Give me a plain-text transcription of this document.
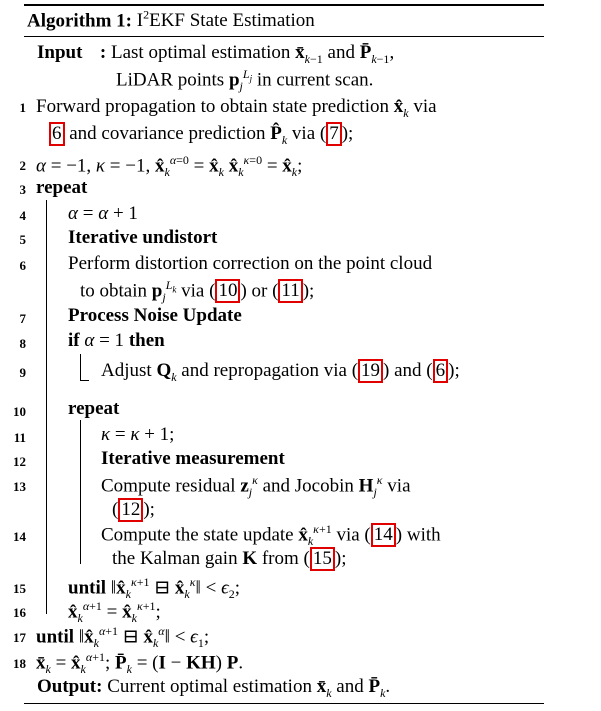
Algorithm 1: $I^2EKF$ State Estimation
Input : Last optimal estimation $x̄_{k-1}$ and $P̄_{k-1}$,
LiDAR points $p_j^{L_j}$ in current scan.
1 Forward propagation to obtain state prediction $x̂_k$ via
6 and covariance prediction $P̂_k$ via ( 7 );
2 α = −1, κ = −1, $x̂_k^{\alpha=0}$ = $x̂_k$ $x̂_k^{\kappa=0}$ = $x̂_k$;
3 repeat
4 α = α + 1
5 Iterative undistort
6 Perform distortion correction on the point cloud
to obtain $p_j^{L_k}$ via ( 10 ) or ( 11 );
7 Process Noise Update
8 if α = 1 then
9	Adjust $Q_k$ and repropagation via ( 19 ) and ( 6 );
10 repeat
11	κ = κ + 1;
12	Iterative measurement
13	Compute residual $z_j^\kappa$ and Jocobin $H_j^\kappa$ via
( 12 );
14	Compute the state update $x̂_k^{\kappa+1}$ via ( 14 ) with
the Kalman gain K from ( 15 );
15 until $‖x̂_k^{\kappa+1}$ ⊟ $x̂_k^\kappa‖ < \epsilon_2$;
16 $x̂_k^{\alpha+1}$ = $x̂_k^{\kappa+1}$;
17 until $‖x̂_k^{\alpha+1}$ ⊟ $x̂_k^\alpha‖ < \epsilon_1$;
18 $x̄_k$ = $x̂_k^{\alpha+1}$; $P̄_k = (I - KH)$ P.
Output: Current optimal estimation $x̄_k$ and $P̄_k$.
